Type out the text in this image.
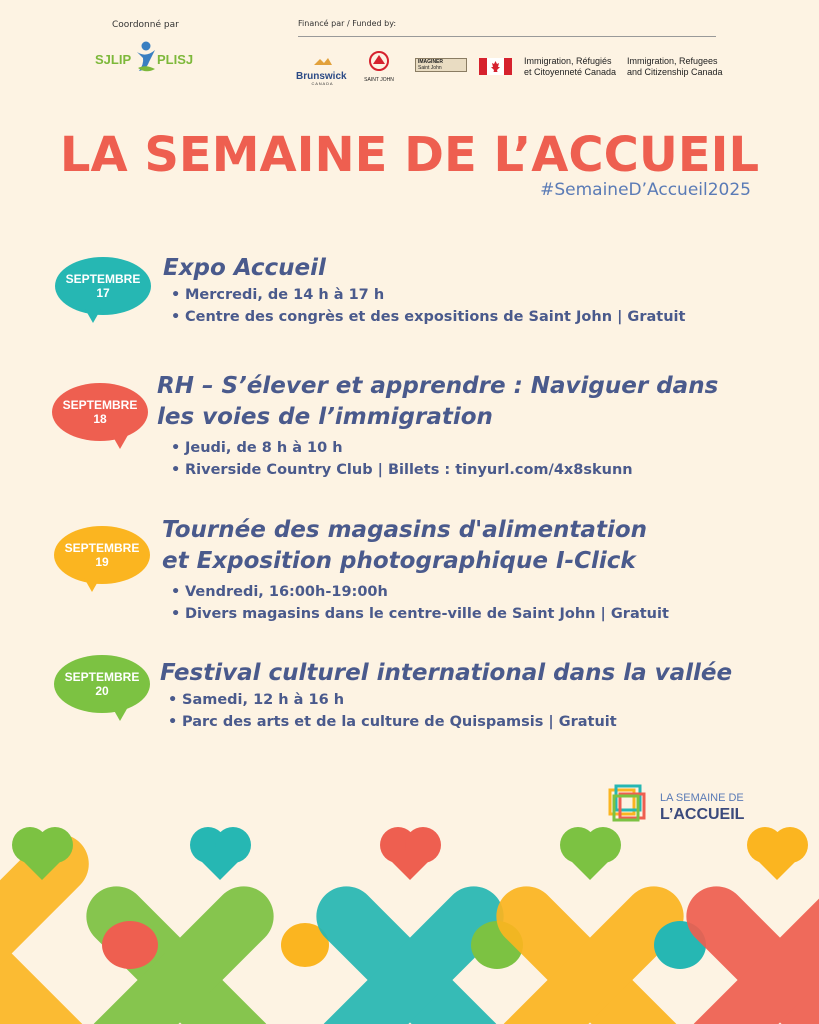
Coordonné par
SJLIP PLISJ
Financé par / Funded by:
Brunswick
C A N A D A
SAINT JOHN
IMAGINER
Saint John
Immigration, Réfugiés
et Citoyenneté Canada
Immigration, Refugees
and Citizenship Canada
LA SEMAINE DE L’ACCUEIL
#SemaineD’Accueil2025
SEPTEMBRE
17
Expo Accueil
• Mercredi, de 14 h à 17 h
• Centre des congrès et des expositions de Saint John | Gratuit
SEPTEMBRE
18
RH – S’élever et apprendre : Naviguer dans
les voies de l’immigration
• Jeudi, de 8 h à 10 h
• Riverside Country Club | Billets : tinyurl.com/4x8skunn
SEPTEMBRE
19
Tournée des magasins d'alimentation
et Exposition photographique I-Click
• Vendredi, 16:00h-19:00h
• Divers magasins dans le centre-ville de Saint John | Gratuit
SEPTEMBRE
20
Festival culturel international dans la vallée
• Samedi, 12 h à 16 h
• Parc des arts et de la culture de Quispamsis | Gratuit
LA SEMAINE DE
L’ACCUEIL
